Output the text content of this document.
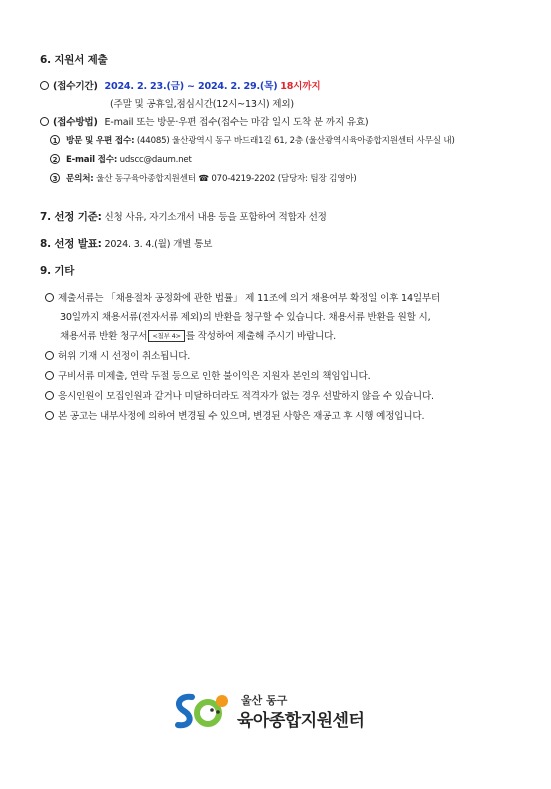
6. 지원서 제출
(접수기간) 2024. 2. 23.(금) ~ 2024. 2. 29.(목) 18시까지
(주말 및 공휴일,점심시간(12시~13시) 제외)
(접수방법) E-mail 또는 방문·우편 접수(접수는 마감 일시 도착 분 까지 유효)
1 방문 및 우편 접수: (44085) 울산광역시 동구 바드래1길 61, 2층 (울산광역시육아종합지원센터 사무실 내)
2 E-mail 접수: udscc@daum.net
3 문의처: 울산 동구육아종합지원센터 ☎ 070-4219-2202 (담당자: 팀장 김영아)
7. 선정 기준: 신청 사유, 자기소개서 내용 등을 포함하여 적합자 선정
8. 선정 발표: 2024. 3. 4.(월) 개별 통보
9. 기타
제출서류는 「채용절차 공정화에 관한 법률」 제 11조에 의거 채용여부 확정일 이후 14일부터
30일까지 채용서류(전자서류 제외)의 반환을 청구할 수 있습니다. 채용서류 반환을 원할 시,
채용서류 반환 청구서 <첨부 4> 를 작성하여 제출해 주시기 바랍니다.
허위 기재 시 선정이 취소됩니다.
구비서류 미제출, 연락 두절 등으로 인한 불이익은 지원자 본인의 책임입니다.
응시인원이 모집인원과 같거나 미달하더라도 적격자가 없는 경우 선발하지 않을 수 있습니다.
본 공고는 내부사정에 의하여 변경될 수 있으며, 변경된 사항은 재공고 후 시행 예정입니다.
울산 동구
육아종합지원센터
